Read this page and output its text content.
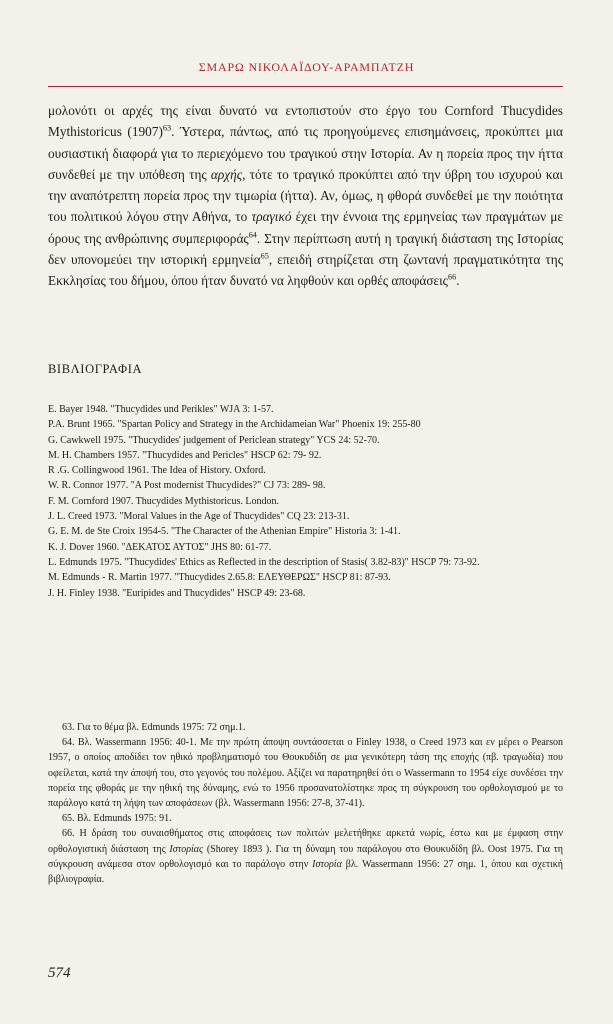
ΣΜΑΡΩ ΝΙΚΟΛΑΪΔΟΥ-ΑΡΑΜΠΑΤΖΗ

μολονότι οι αρχές της είναι δυνατό να εντοπιστούν στο έργο του Cornford Thucydides Mythistoricus $(1907)^{63}$. Ύστερα, πάντως, από τις προηγούμενες επισημάνσεις, προκύπτει μια ουσιαστική διαφορά για το περιεχόμενο του τραγικού στην Ιστορία. Αν η πορεία προς την ήττα συνδεθεί με την υπόθεση της αρχής, τότε το τραγικό προκύπτει από την ύβρη του ισχυρού και την αναπότρεπτη πορεία προς την τιμωρία (ήττα). Αν, όμως, η φθορά συνδεθεί με την ποιότητα του πολιτικού λόγου στην Αθήνα, το τραγικό έχει την έννοια της ερμηνείας των πραγμάτων με όρους της ανθρώπινης συμπεριφοράς$^{64}$. Στην περίπτωση αυτή η τραγική διάσταση της Ιστορίας δεν υπονομεύει την ιστορική ερμηνεία$^{65}$, επειδή στηρίζεται στη ζωντανή πραγματικότητα της Εκκλησίας του δήμου, όπου ήταν δυνατό να ληφθούν και ορθές αποφάσεις$^{66}$.

ΒΙΒΛΙΟΓΡΑΦΙΑ
E. Bayer 1948. "Thucydides und Perikles" WJA 3: 1-57.
P.A. Brunt 1965. "Spartan Policy and Strategy in the Archidameian War" Phoenix 19: 255-80
G. Cawkwell 1975. "Thucydides' judgement of Periclean strategy" YCS 24: 52-70.
M. H. Chambers 1957. "Thucydides and Pericles" HSCP 62: 79- 92.
R .G. Collingwood 1961. The Idea of History. Oxford.
W. R. Connor 1977. "A Post modernist Thucydides?" CJ 73: 289- 98.
F. M. Cornford 1907. Thucydides Mythistoricus. London.
J. L. Creed 1973. "Moral Values in the Age of Thucydides" CQ 23: 213-31.
G. E. M. de Ste Croix 1954-5. "The Character of the Athenian Empire" Historia 3: 1-41.
K. J. Dover 1960. "ΔΕΚΑΤΟΣ ΑΥΤΟΣ" JHS 80: 61-77.
L. Edmunds 1975. "Thucydides' Ethics as Reflected in the description of Stasis( 3.82-83)" HSCP 79: 73-92.
M. Edmunds - R. Martin 1977. "Thucydides 2.65.8: ΕΛΕΥΘΕΡΩΣ" HSCP 81: 87-93.
J. H. Finley 1938. "Euripides and Thucydides" HSCP 49: 23-68.

63. Για το θέμα βλ. Edmunds 1975: 72 σημ.1.

64. Βλ. Wassermann 1956: 40-1. Με την πρώτη άποψη συντάσσεται ο Finley 1938, ο Creed 1973 και εν μέρει ο Pearson 1957, ο οποίος αποδίδει τον ηθικό προβληματισμό του Θουκυδίδη σε μια γενικότερη τάση της εποχής (πβ. τραγωδία) που οφείλεται, κατά την άποψή του, στο γεγονός του πολέμου. Αξίζει να παρατηρηθεί ότι ο Wassermann το 1954 είχε συνδέσει την πορεία της φθοράς με την ηθική της δύναμης, ενώ το 1956 προσανατολίστηκε προς τη σύγκρουση του ορθολογισμού με το παράλογο κατά τη λήψη των αποφάσεων (βλ. Wassermann 1956: 27-8, 37-41).

65. Βλ. Edmunds 1975: 91.

66. Η δράση του συναισθήματος στις αποφάσεις των πολιτών μελετήθηκε αρκετά νωρίς, έστω και με έμφαση στην ορθολογιστική διάσταση της Ιστορίας (Shorey 1893 ). Για τη δύναμη του παράλογου στο Θουκυδίδη βλ. Oost 1975. Για τη σύγκρουση ανάμεσα στον ορθολογισμό και το παράλογο στην Ιστορία βλ. Wassermann 1956: 27 σημ. 1, όπου και σχετική βιβλιογραφία.

574
